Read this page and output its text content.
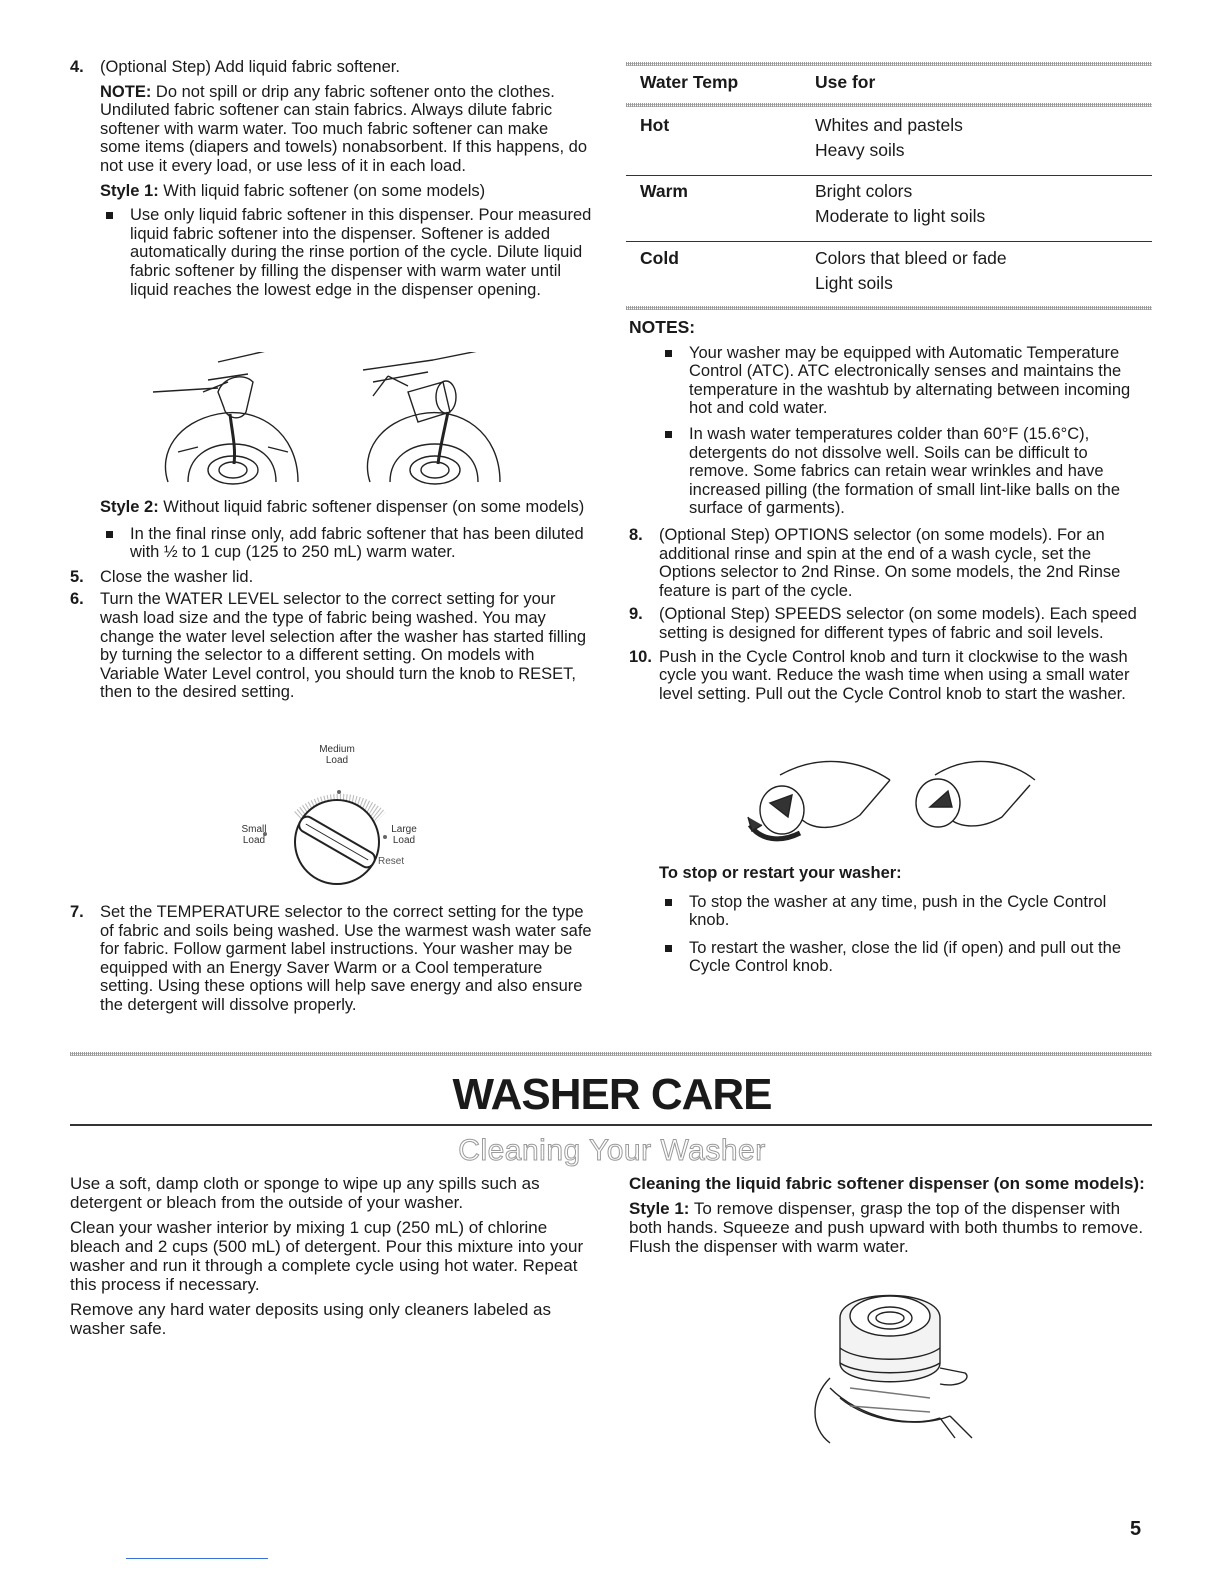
4. (Optional Step) Add liquid fabric softener.

NOTE: Do not spill or drip any fabric softener onto the clothes. Undiluted fabric softener can stain fabrics. Always dilute fabric softener with warm water. Too much fabric softener can make some items (diapers and towels) nonabsorbent. If this happens, do not use it every load, or use less of it in each load.

Style 1: With liquid fabric softener (on some models)

Use only liquid fabric softener in this dispenser. Pour measured liquid fabric softener into the dispenser. Softener is added automatically during the rinse portion of the cycle. Dilute liquid fabric softener by filling the dispenser with warm water until liquid reaches the lowest edge in the dispenser opening.

Style 2: Without liquid fabric softener dispenser (on some models)

In the final rinse only, add fabric softener that has been diluted with ½ to 1 cup (125 to 250 mL) warm water.
5. Close the washer lid.

6. Turn the WATER LEVEL selector to the correct setting for your wash load size and the type of fabric being washed. You may change the water level selection after the washer has started filling by turning the selector to a different setting. On models with Variable Water Level control, you should turn the knob to RESET, then to the desired setting.

Medium
Load
Small
Load
Large
Load
Reset
7. Set the TEMPERATURE selector to the correct setting for the type of fabric and soils being washed. Use the warmest wash water safe for fabric. Follow garment label instructions. Your washer may be equipped with an Energy Saver Warm or a Cool temperature setting. Using these options will help save energy and also ensure the detergent will dissolve properly.

Water Temp	Use for
Hot	Whites and pastels
Heavy soils
Warm	Bright colors
Moderate to light soils
Cold	Colors that bleed or fade
Light soils

NOTES:

Your washer may be equipped with Automatic Temperature Control (ATC). ATC electronically senses and maintains the temperature in the washtub by alternating between incoming hot and cold water.
In wash water temperatures colder than 60°F (15.6°C), detergents do not dissolve well. Soils can be difficult to remove. Some fabrics can retain wear wrinkles and have increased pilling (the formation of small lint-like balls on the surface of garments).
8. (Optional Step) OPTIONS selector (on some models). For an additional rinse and spin at the end of a wash cycle, set the Options selector to 2nd Rinse. On some models, the 2nd Rinse feature is part of the cycle.

9. (Optional Step) SPEEDS selector (on some models). Each speed setting is designed for different types of fabric and soil levels.

10. Push in the Cycle Control knob and turn it clockwise to the wash cycle you want. Reduce the wash time when using a small water level setting. Pull out the Cycle Control knob to start the washer.

To stop or restart your washer:

To stop the washer at any time, push in the Cycle Control knob.
To restart the washer, close the lid (if open) and pull out the Cycle Control knob.
WASHER CARE
Cleaning Your Washer

Use a soft, damp cloth or sponge to wipe up any spills such as detergent or bleach from the outside of your washer.

Clean your washer interior by mixing 1 cup (250 mL) of chlorine bleach and 2 cups (500 mL) of detergent. Pour this mixture into your washer and run it through a complete cycle using hot water. Repeat this process if necessary.

Remove any hard water deposits using only cleaners labeled as washer safe.

Cleaning the liquid fabric softener dispenser (on some models):

Style 1: To remove dispenser, grasp the top of the dispenser with both hands. Squeeze and push upward with both thumbs to remove. Flush the dispenser with warm water.

5
